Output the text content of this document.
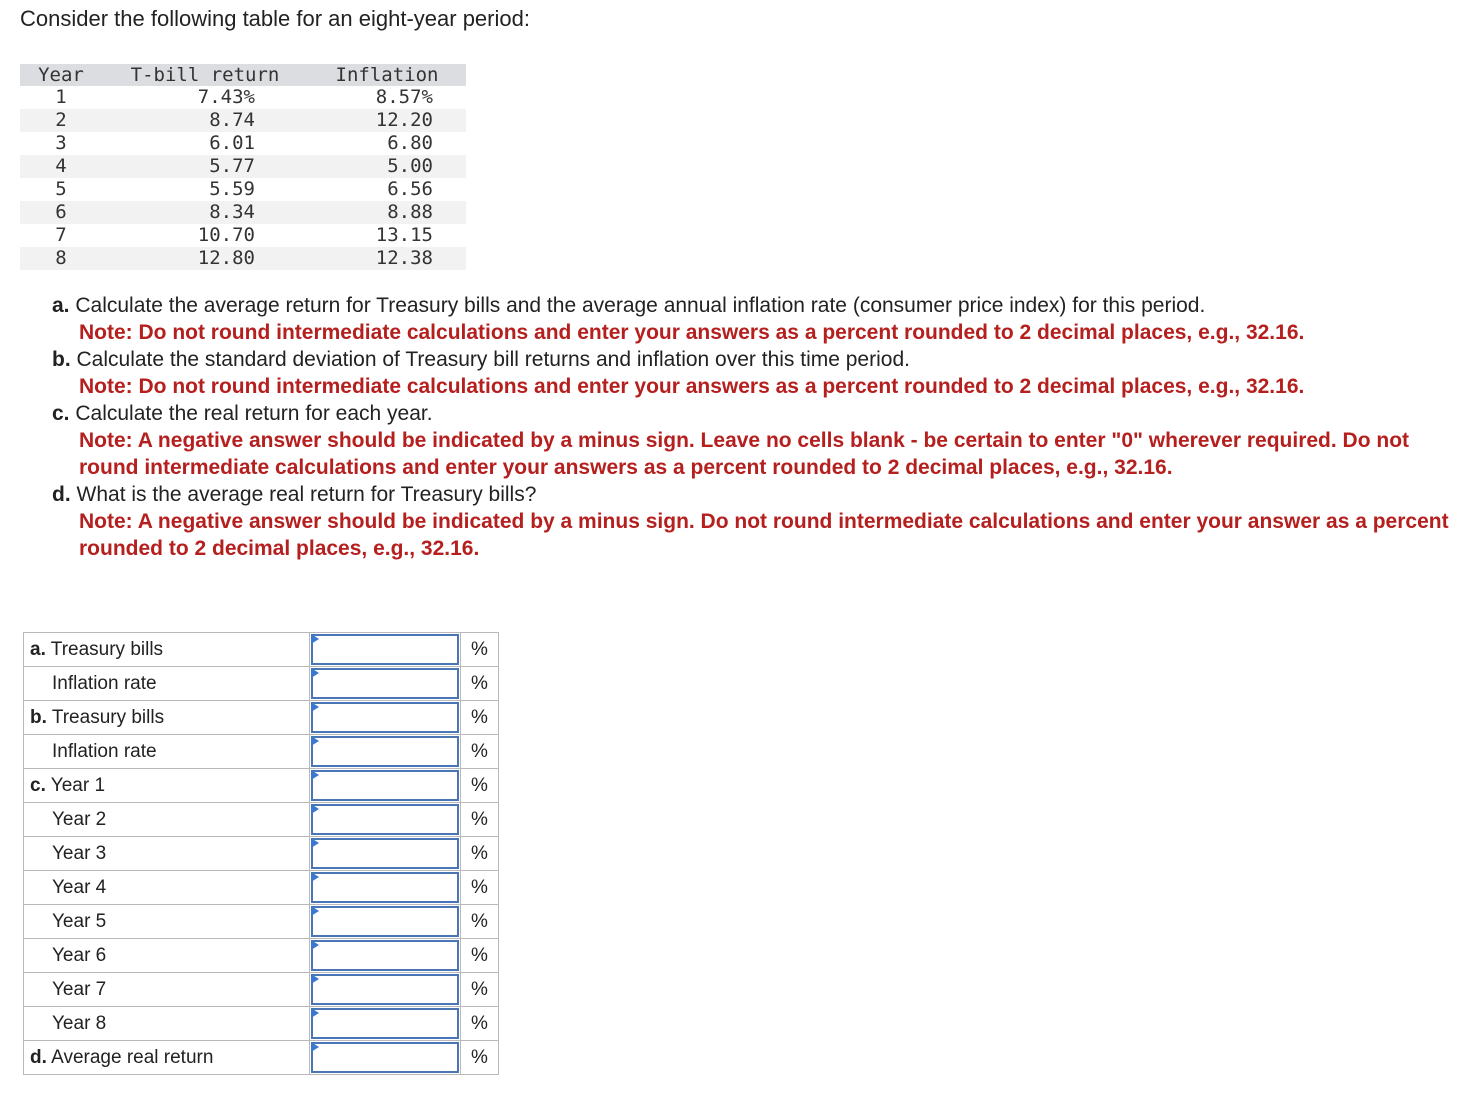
Consider the following table for an eight-year period:
Year	T-bill return	Inflation
1	7.43%	8.57%
2	8.74	12.20
3	6.01	6.80
4	5.77	5.00
5	5.59	6.56
6	8.34	8.88
7	10.70	13.15
8	12.80	12.38

a. Calculate the average return for Treasury bills and the average annual inflation rate (consumer price index) for this period.

Note: Do not round intermediate calculations and enter your answers as a percent rounded to 2 decimal places, e.g., 32.16.

b. Calculate the standard deviation of Treasury bill returns and inflation over this time period.

Note: Do not round intermediate calculations and enter your answers as a percent rounded to 2 decimal places, e.g., 32.16.

c. Calculate the real return for each year.

Note: A negative answer should be indicated by a minus sign. Leave no cells blank - be certain to enter "0" wherever required. Do not round intermediate calculations and enter your answers as a percent rounded to 2 decimal places, e.g., 32.16.

d. What is the average real return for Treasury bills?

Note: A negative answer should be indicated by a minus sign. Do not round intermediate calculations and enter your answer as a percent rounded to 2 decimal places, e.g., 32.16.

a. Treasury bills		%
Inflation rate		%
b. Treasury bills		%
Inflation rate		%
c. Year 1		%
Year 2		%
Year 3		%
Year 4		%
Year 5		%
Year 6		%
Year 7		%
Year 8		%
d. Average real return		%
